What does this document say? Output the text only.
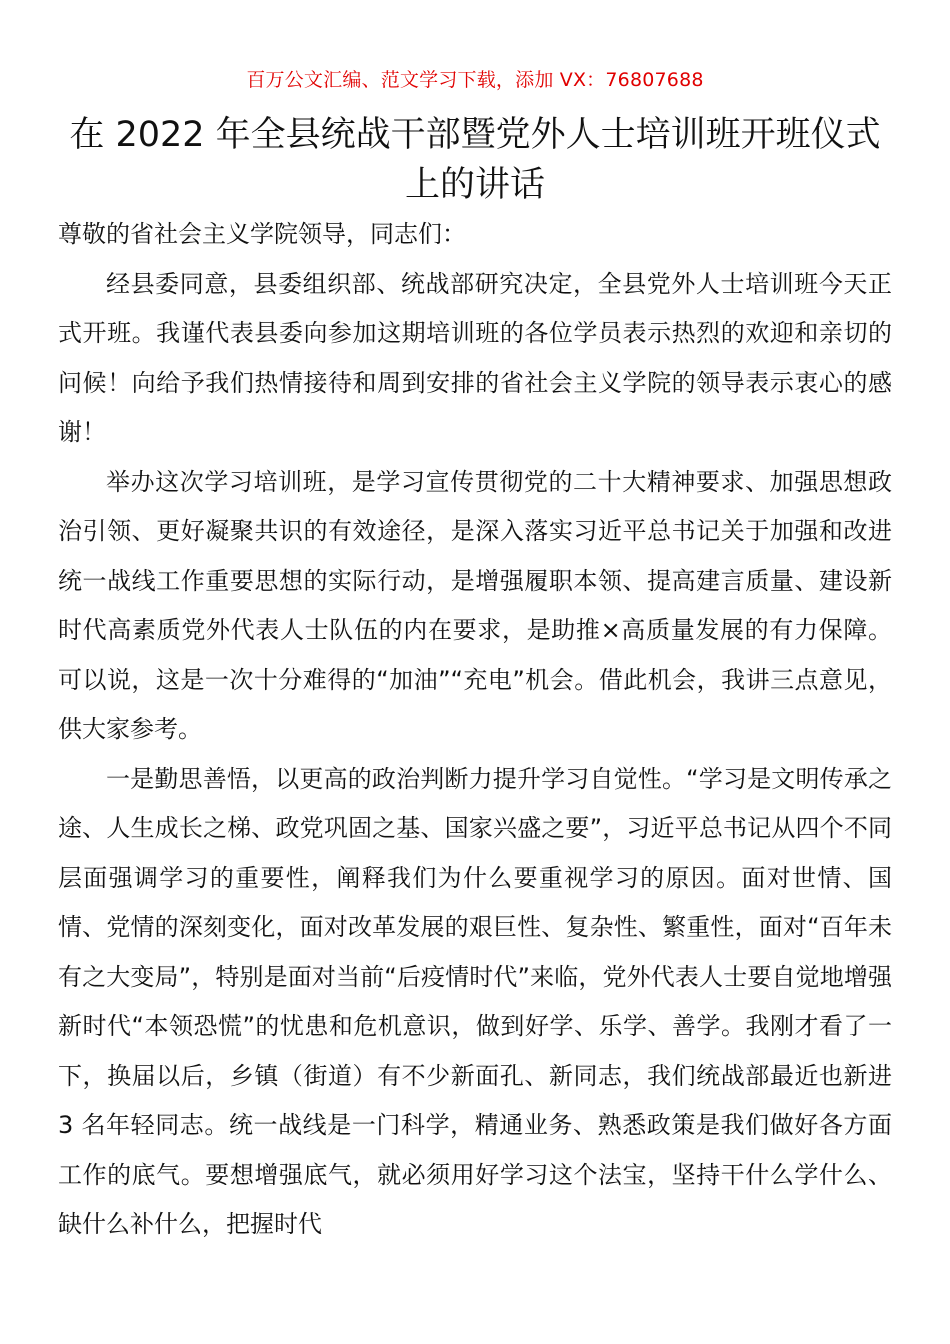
百万公文汇编、范文学习下载，添加 VX：76807688
在 2022 年全县统战干部暨党外人士培训班开班仪式
上的讲话

尊敬的省社会主义学院领导，同志们：

经县委同意，县委组织部、统战部研究决定，全县党外人士培训班今天正式开班。我谨代表县委向参加这期培训班的各位学员表示热烈的欢迎和亲切的问候！向给予我们热情接待和周到安排的省社会主义学院的领导表示衷心的感谢！

举办这次学习培训班，是学习宣传贯彻党的二十大精神要求、加强思想政治引领、更好凝聚共识的有效途径，是深入落实习近平总书记关于加强和改进统一战线工作重要思想的实际行动，是增强履职本领、提高建言质量、建设新时代高素质党外代表人士队伍的内在要求，是助推×高质量发展的有力保障。可以说，这是一次十分难得的“加油”“充电”机会。借此机会，我讲三点意见，供大家参考。

一是勤思善悟，以更高的政治判断力提升学习自觉性。“学习是文明传承之途、人生成长之梯、政党巩固之基、国家兴盛之要”，习近平总书记从四个不同层面强调学习的重要性，阐释我们为什么要重视学习的原因。面对世情、国情、党情的深刻变化，面对改革发展的艰巨性、复杂性、繁重性，面对“百年未有之大变局”，特别是面对当前“后疫情时代”来临，党外代表人士要自觉地增强新时代“本领恐慌”的忧患和危机意识，做到好学、乐学、善学。我刚才看了一下，换届以后，乡镇（街道）有不少新面孔、新同志，我们统战部最近也新进 3 名年轻同志。统一战线是一门科学，精通业务、熟悉政策是我们做好各方面工作的底气。要想增强底气，就必须用好学习这个法宝，坚持干什么学什么、缺什么补什么，把握时代
